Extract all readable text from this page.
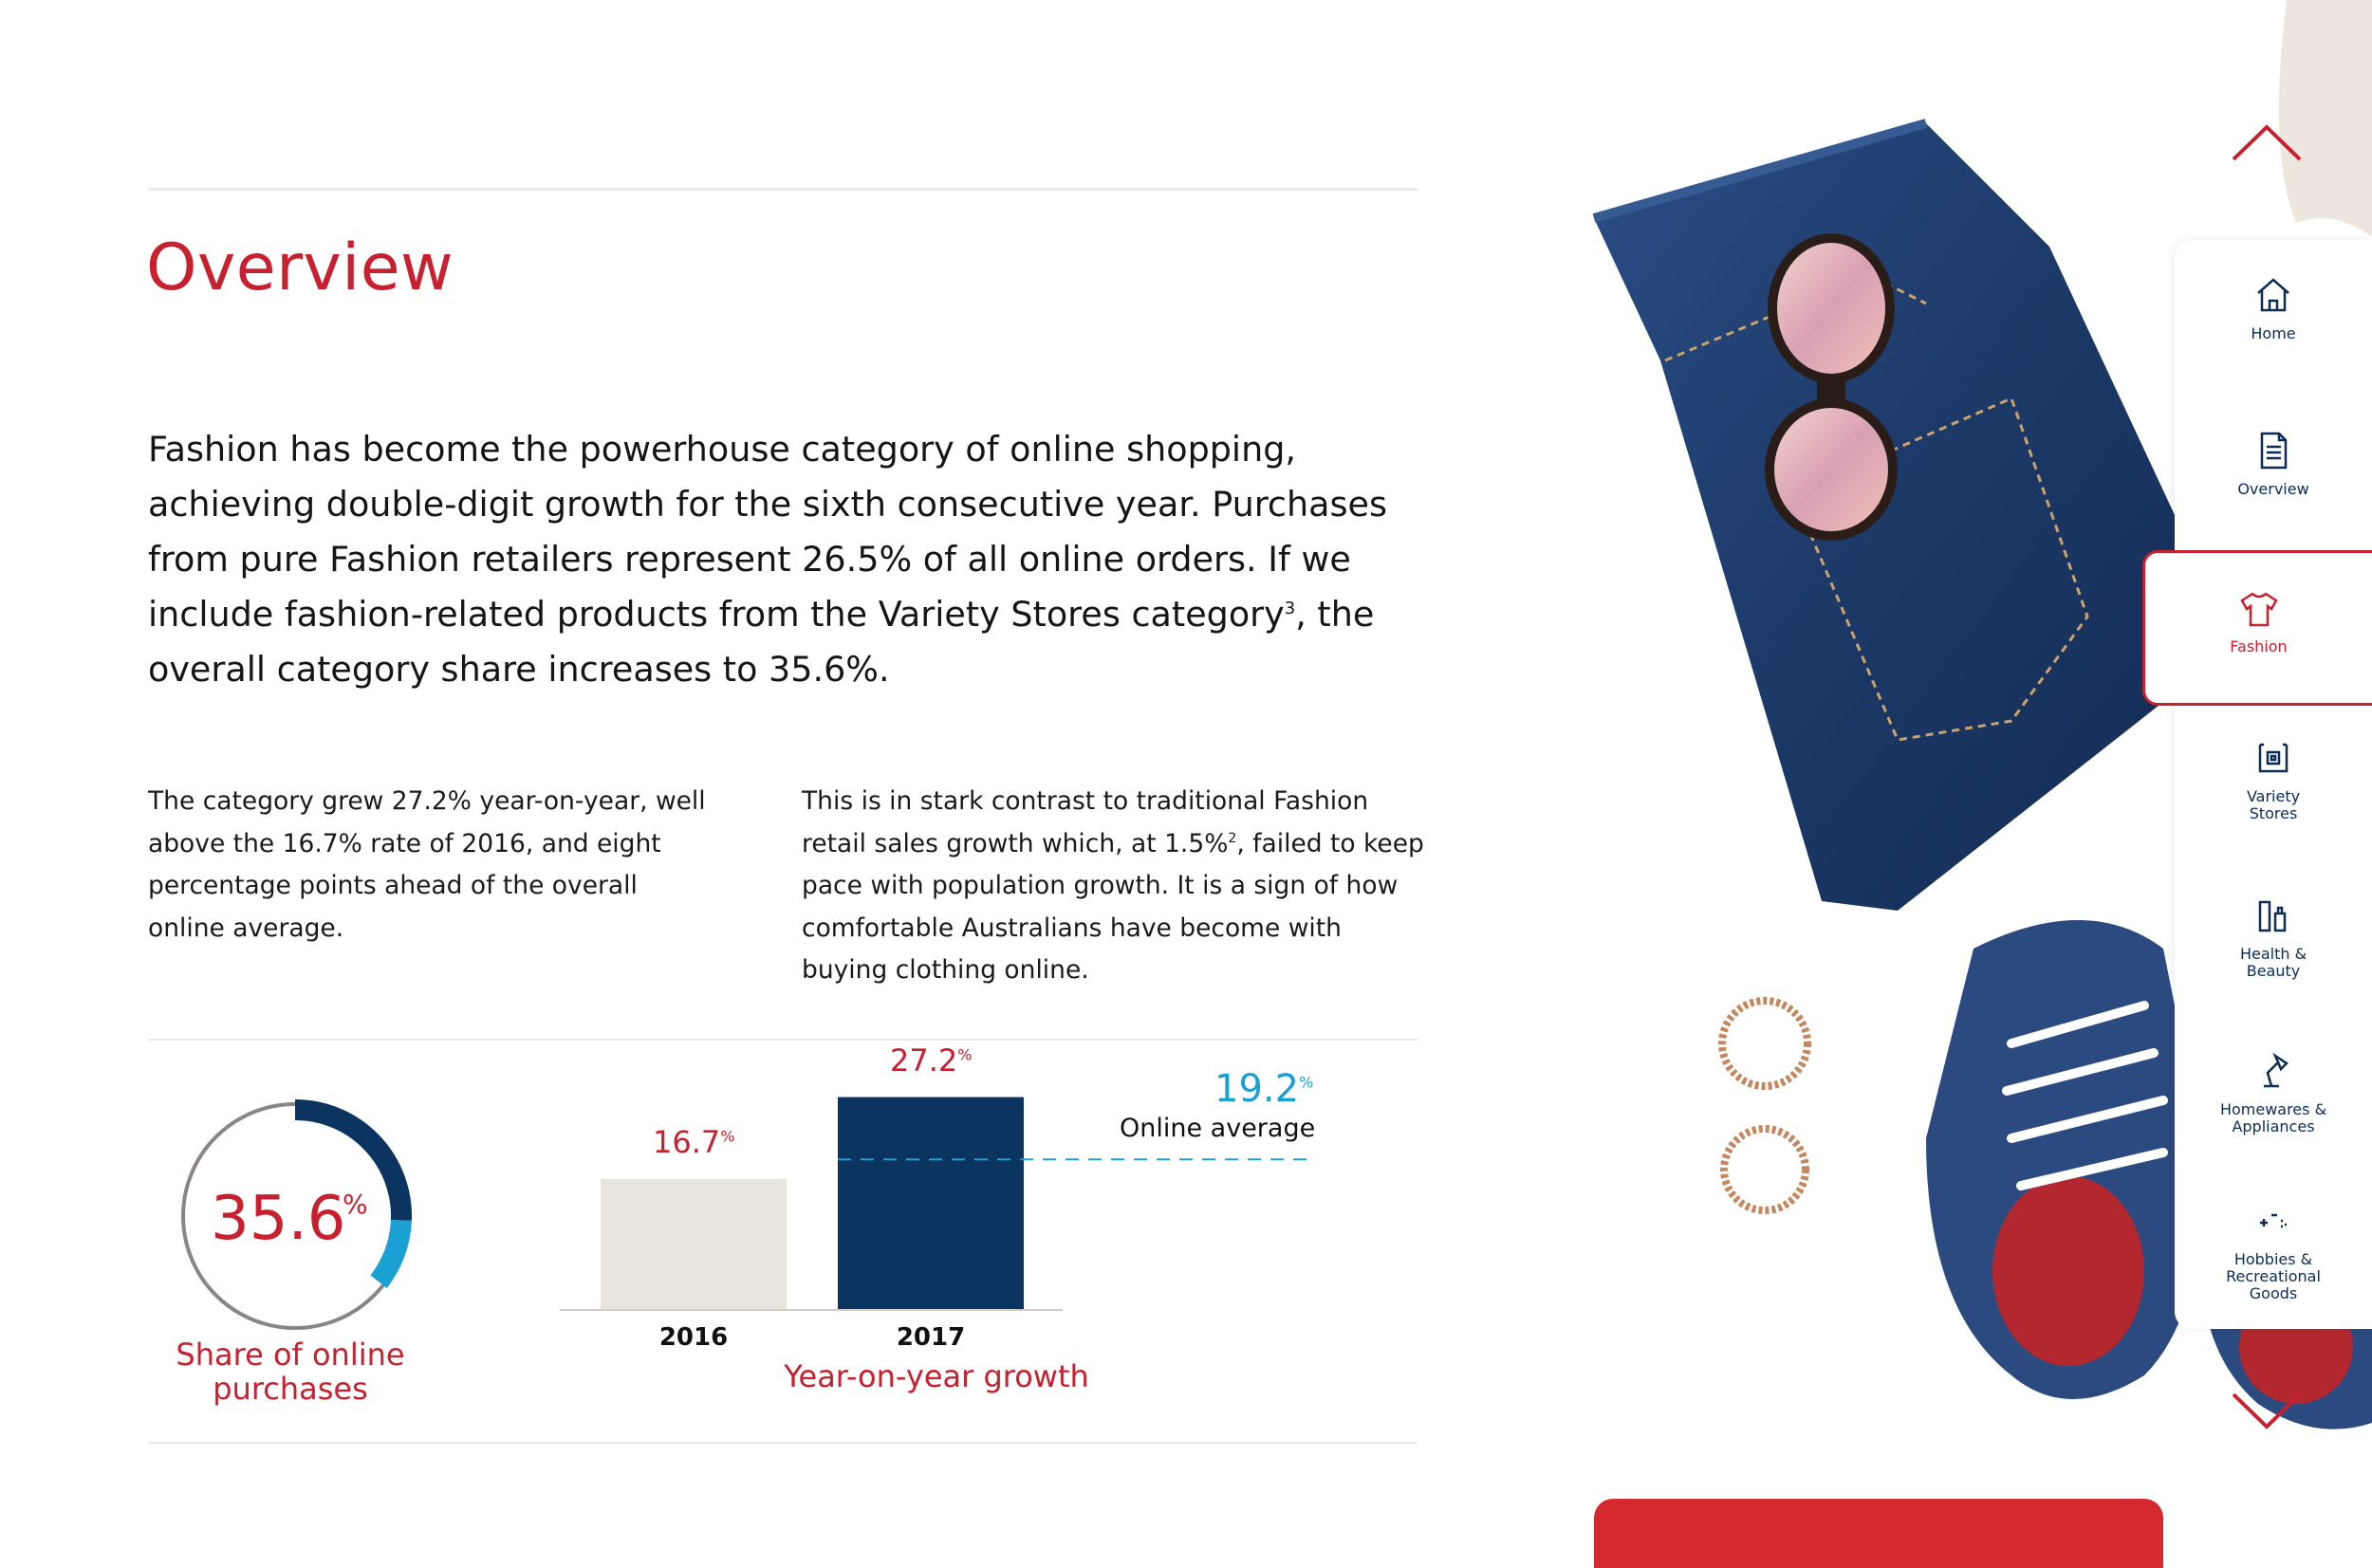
Overview

Fashion has become the powerhouse category of online shopping, achieving double-digit growth for the sixth consecutive year. Purchases from pure Fashion retailers represent 26.5% of all online orders. If we include fashion-related products from the Variety Stores category$^3$, the overall category share increases to 35.6%.

The category grew 27.2% year-on-year, well above the 16.7% rate of 2016, and eight percentage points ahead of the overall online average.

This is in stark contrast to traditional Fashion retail sales growth which, at 1.5%$^2$, failed to keep pace with population growth. It is a sign of how comfortable Australians have become with buying clothing online.

35.6
%
Share of online purchases
16.7%
27.2%
19.2%
Online average
2016	2017
Year-on-year growth
Home
Overview
Variety
Stores
Health &
Beauty
Homewares &
Appliances
Hobbies &
Recreational
Goods
Fashion
